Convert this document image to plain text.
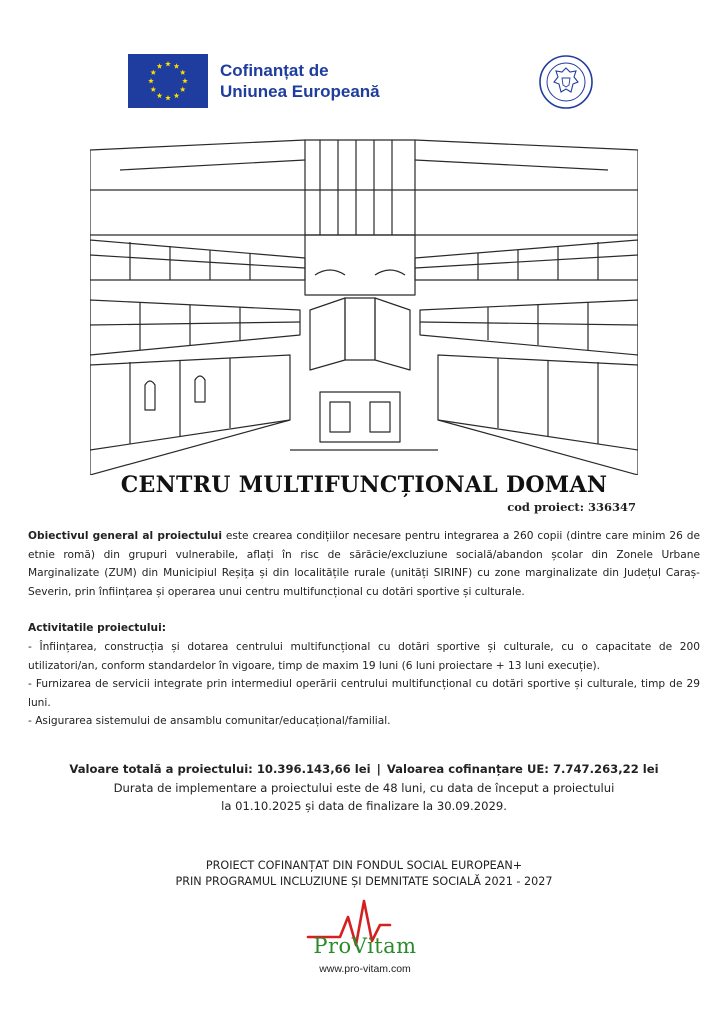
Cofinanțat de
Uniunea Europeană
CENTRU MULTIFUNCȚIONAL DOMAN
cod proiect: 336347

Obiectivul general al proiectului este crearea condițiilor necesare pentru integrarea a 260 copii (dintre care minim 26 de etnie romă) din grupuri vulnerabile, aflați în risc de sărăcie/excluziune socială/abandon școlar din Zonele Urbane Marginalizate (ZUM) din Municipiul Reșița și din localitățile rurale (unități SIRINF) cu zone marginalizate din Județul Caraș-Severin, prin înființarea și operarea unui centru multifuncțional cu dotări sportive și culturale.

Activitatile proiectului:

- Înființarea, construcția și dotarea centrului multifuncțional cu dotări sportive și culturale, cu o capacitate de 200 utilizatori/an, conform standardelor în vigoare, timp de maxim 19 luni (6 luni proiectare + 13 luni execuție).

- Furnizarea de servicii integrate prin intermediul operării centrului multifuncțional cu dotări sportive și culturale, timp de 29 luni.

- Asigurarea sistemului de ansamblu comunitar/educațional/familial.

Valoare totală a proiectului: 10.396.143,66 lei | Valoarea cofinanțare UE: 7.747.263,22 lei
Durata de implementare a proiectului este de 48 luni, cu data de început a proiectului
la 01.10.2025 și data de finalizare la 30.09.2029.
PROIECT COFINANȚAT DIN FONDUL SOCIAL EUROPEAN+
PRIN PROGRAMUL INCLUZIUNE ȘI DEMNITATE SOCIALĂ 2021 - 2027
ProVitam
www.pro-vitam.com
